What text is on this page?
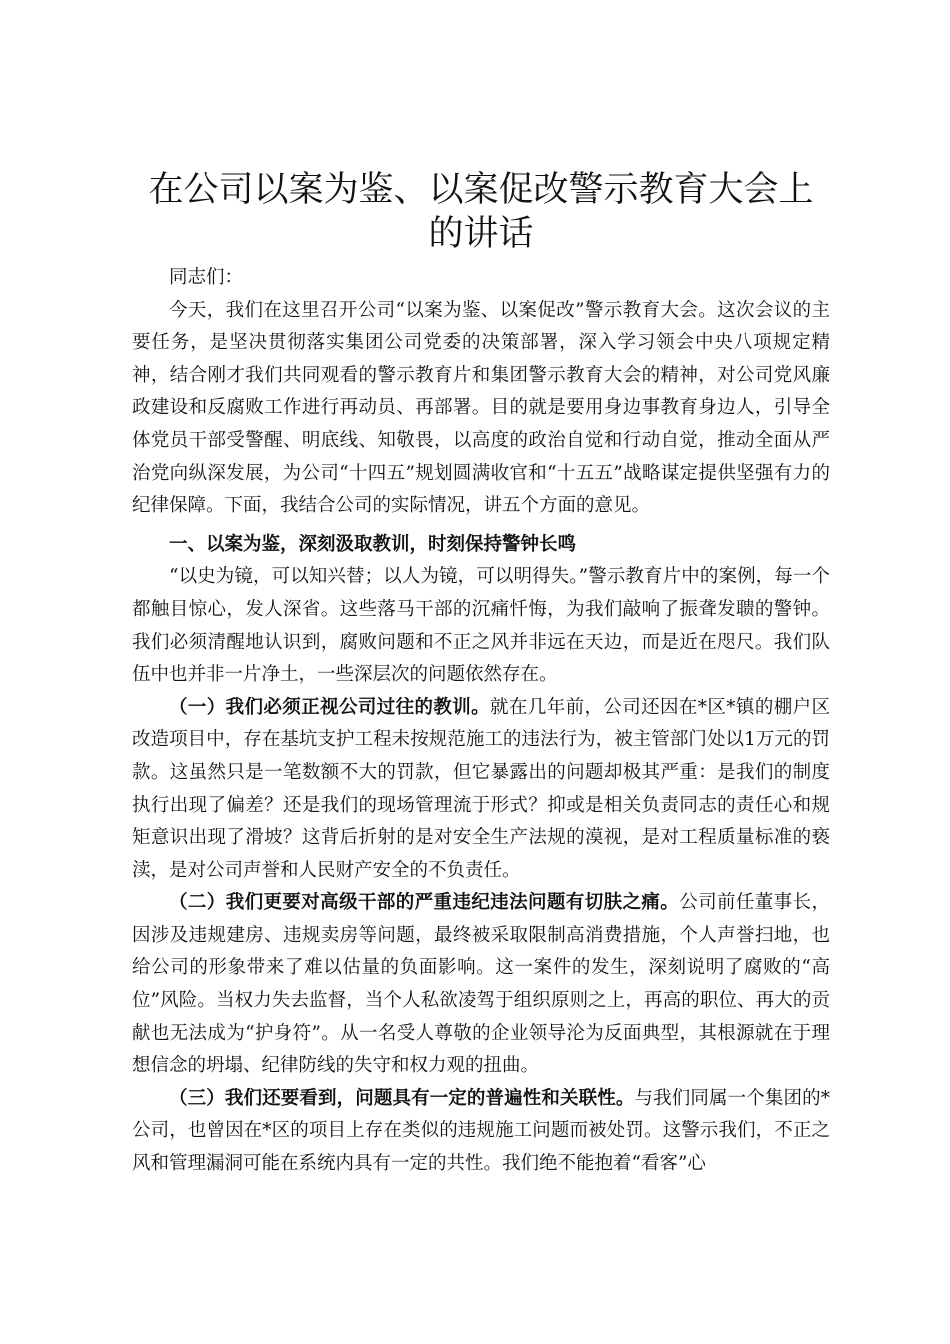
在公司以案为鉴、以案促改警示教育大会上的讲话

同志们：

今天，我们在这里召开公司“以案为鉴、以案促改”警示教育大会。这次会议的主要任务，是坚决贯彻落实集团公司党委的决策部署，深入学习领会中央八项规定精神，结合刚才我们共同观看的警示教育片和集团警示教育大会的精神，对公司党风廉政建设和反腐败工作进行再动员、再部署。目的就是要用身边事教育身边人，引导全体党员干部受警醒、明底线、知敬畏，以高度的政治自觉和行动自觉，推动全面从严治党向纵深发展，为公司“十四五”规划圆满收官和“十五五”战略谋定提供坚强有力的纪律保障。下面，我结合公司的实际情况，讲五个方面的意见。

一、以案为鉴，深刻汲取教训，时刻保持警钟长鸣

“以史为镜，可以知兴替；以人为镜，可以明得失。”警示教育片中的案例，每一个都触目惊心，发人深省。这些落马干部的沉痛忏悔，为我们敲响了振聋发聩的警钟。我们必须清醒地认识到，腐败问题和不正之风并非远在天边，而是近在咫尺。我们队伍中也并非一片净土，一些深层次的问题依然存在。

（一）我们必须正视公司过往的教训。就在几年前，公司还因在*区*镇的棚户区改造项目中，存在基坑支护工程未按规范施工的违法行为，被主管部门处以1万元的罚款。这虽然只是一笔数额不大的罚款，但它暴露出的问题却极其严重：是我们的制度执行出现了偏差？还是我们的现场管理流于形式？抑或是相关负责同志的责任心和规矩意识出现了滑坡？这背后折射的是对安全生产法规的漠视，是对工程质量标准的亵渎，是对公司声誉和人民财产安全的不负责任。

（二）我们更要对高级干部的严重违纪违法问题有切肤之痛。公司前任董事长，因涉及违规建房、违规卖房等问题，最终被采取限制高消费措施，个人声誉扫地，也给公司的形象带来了难以估量的负面影响。这一案件的发生，深刻说明了腐败的“高位”风险。当权力失去监督，当个人私欲凌驾于组织原则之上，再高的职位、再大的贡献也无法成为“护身符”。从一名受人尊敬的企业领导沦为反面典型，其根源就在于理想信念的坍塌、纪律防线的失守和权力观的扭曲。

（三）我们还要看到，问题具有一定的普遍性和关联性。与我们同属一个集团的*公司，也曾因在*区的项目上存在类似的违规施工问题而被处罚。这警示我们，不正之风和管理漏洞可能在系统内具有一定的共性。我们绝不能抱着“看客”心
